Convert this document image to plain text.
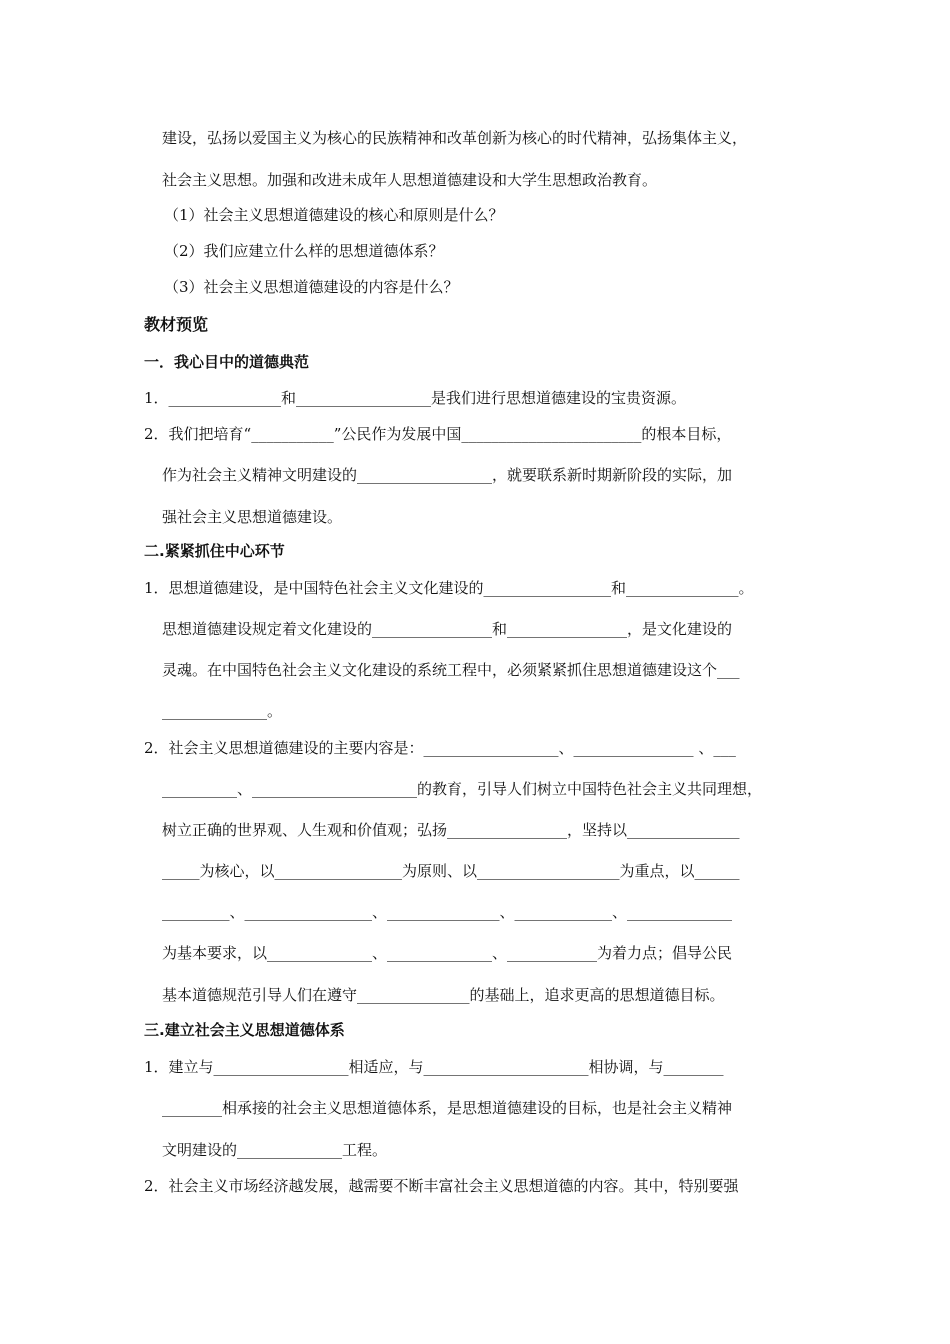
建设，弘扬以爱国主义为核心的民族精神和改革创新为核心的时代精神，弘扬集体主义，
社会主义思想。加强和改进未成年人思想道德建设和大学生思想政治教育。
（1）社会主义思想道德建设的核心和原则是什么？
（2）我们应建立什么样的思想道德体系？
（3）社会主义思想道德建设的内容是什么？
教材预览
一．我心目中的道德典范
1．_______________和__________________是我们进行思想道德建设的宝贵资源。
2．我们把培育“___________”公民作为发展中国________________________的根本目标，
作为社会主义精神文明建设的__________________，就要联系新时期新阶段的实际，加
强社会主义思想道德建设。
二.紧紧抓住中心环节
1．思想道德建设，是中国特色社会主义文化建设的_________________和_______________。
思想道德建设规定着文化建设的________________和________________，是文化建设的
灵魂。在中国特色社会主义文化建设的系统工程中，必须紧紧抓住思想道德建设这个___
______________。
2．社会主义思想道德建设的主要内容是：__________________、________________ 、___
__________、______________________的教育，引导人们树立中国特色社会主义共同理想，
树立正确的世界观、人生观和价值观；弘扬________________，坚持以_______________
_____为核心，以_________________为原则、以___________________为重点，以______
_________、_________________、_______________、_____________、______________
为基本要求，以______________、______________、____________为着力点；倡导公民
基本道德规范引导人们在遵守_______________的基础上，追求更高的思想道德目标。
三.建立社会主义思想道德体系
1．建立与__________________相适应，与______________________相协调，与________
________相承接的社会主义思想道德体系，是思想道德建设的目标，也是社会主义精神
文明建设的______________工程。
2．社会主义市场经济越发展，越需要不断丰富社会主义思想道德的内容。其中，特别要强
